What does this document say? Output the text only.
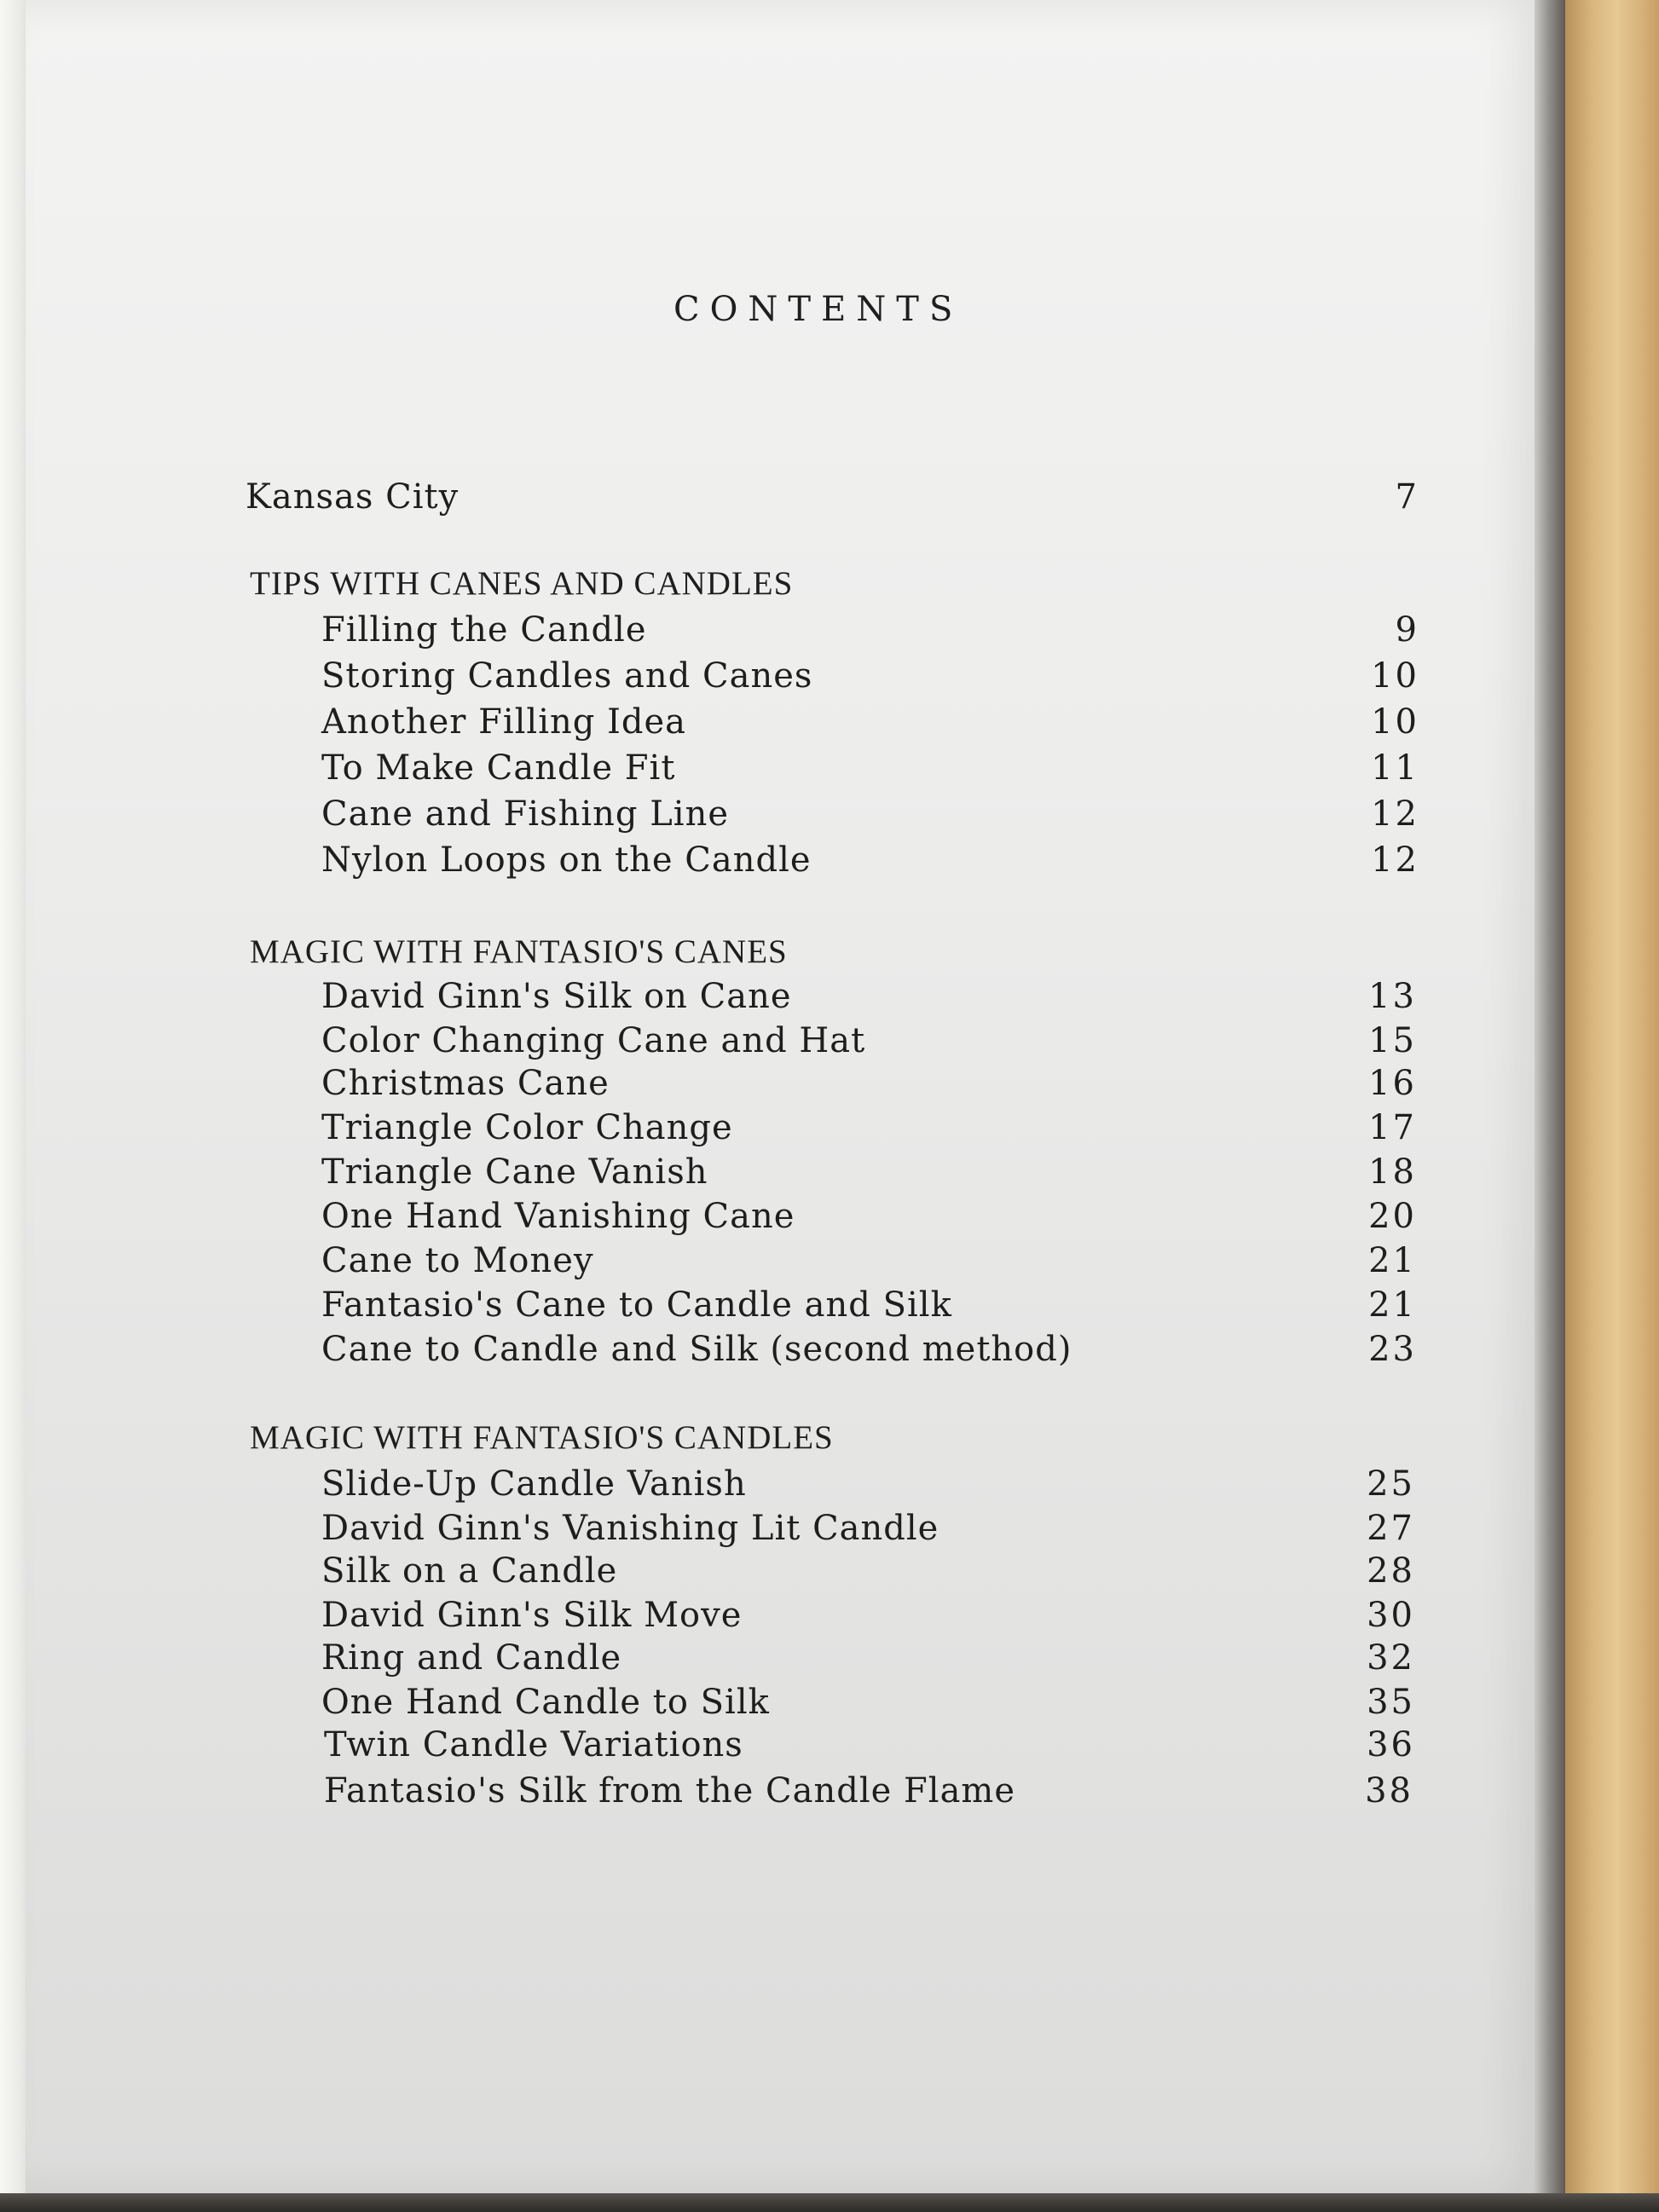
CONTENTS
Kansas City	7
TIPS WITH CANES AND CANDLES
Filling the Candle	9
Storing Candles and Canes	10
Another Filling Idea	10
To Make Candle Fit	11
Cane and Fishing Line	12
Nylon Loops on the Candle	12
MAGIC WITH FANTASIO'S CANES
David Ginn's Silk on Cane	13
Color Changing Cane and Hat	15
Christmas Cane	16
Triangle Color Change	17
Triangle Cane Vanish	18
One Hand Vanishing Cane	20
Cane to Money	21
Fantasio's Cane to Candle and Silk	21
Cane to Candle and Silk (second method)	23
MAGIC WITH FANTASIO'S CANDLES
Slide-Up Candle Vanish	25
David Ginn's Vanishing Lit Candle	27
Silk on a Candle	28
David Ginn's Silk Move	30
Ring and Candle	32
One Hand Candle to Silk	35
Twin Candle Variations	36
Fantasio's Silk from the Candle Flame	38
